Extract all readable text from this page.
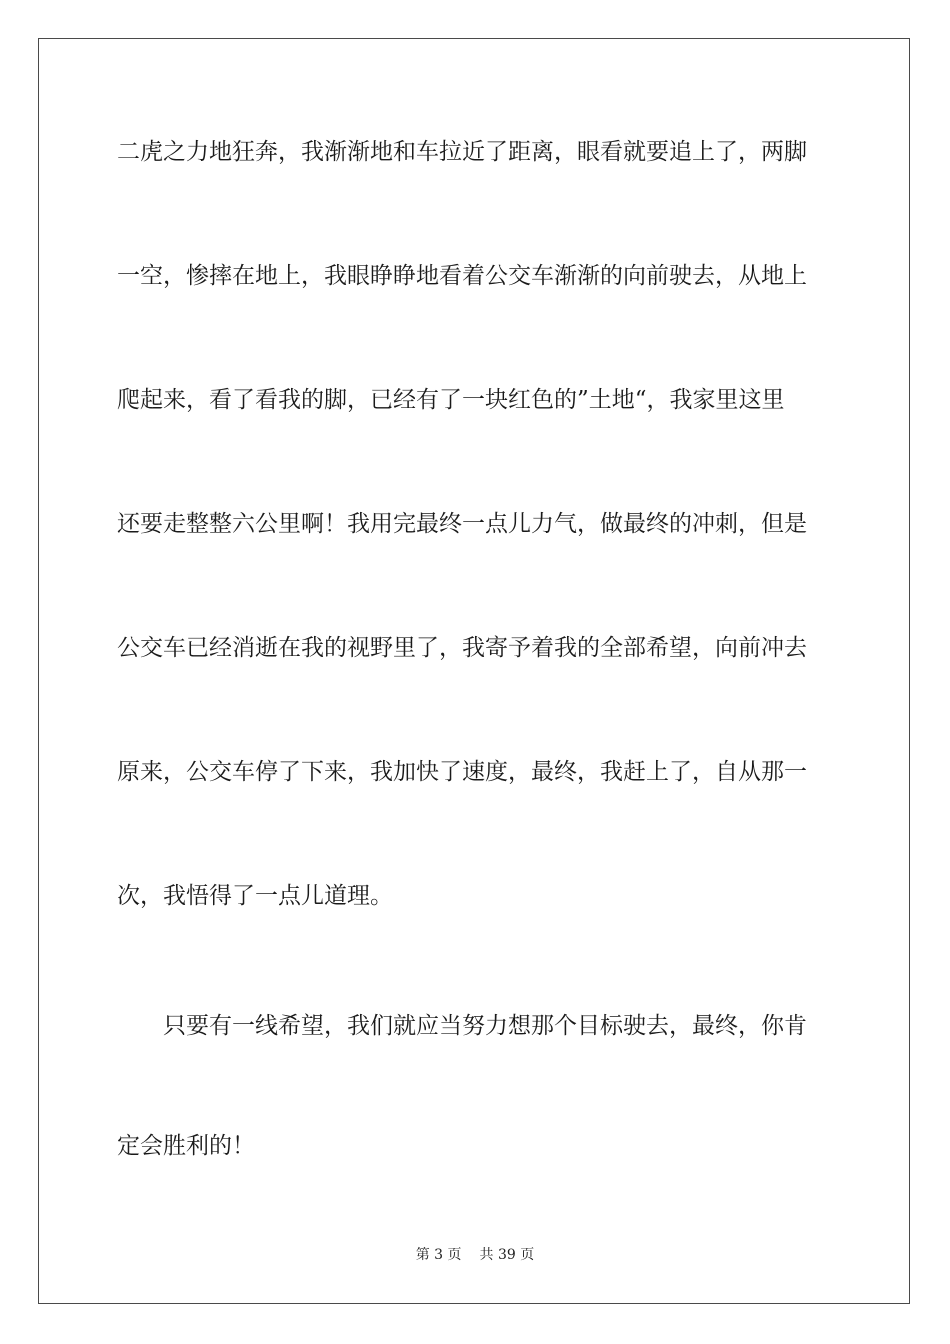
二虎之力地狂奔，我渐渐地和车拉近了距离，眼看就要追上了，两脚
一空，惨摔在地上，我眼睁睁地看着公交车渐渐的向前驶去，从地上
爬起来，看了看我的脚，已经有了一块红色的”土地“，我家里这里
还要走整整六公里啊！我用完最终一点儿力气，做最终的冲刺，但是
公交车已经消逝在我的视野里了，我寄予着我的全部希望，向前冲去
原来，公交车停了下来，我加快了速度，最终，我赶上了，自从那一
次，我悟得了一点儿道理。
　　只要有一线希望，我们就应当努力想那个目标驶去，最终，你肯
定会胜利的！
第 3 页 共 39 页
